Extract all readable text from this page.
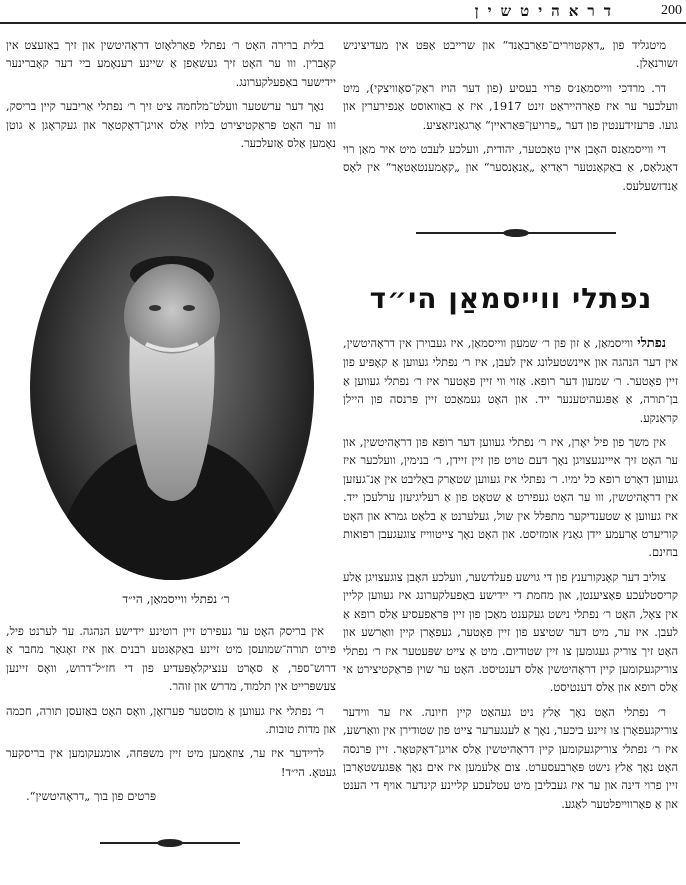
דראהיטשין	200

מיטגליד פון „דאַקטוירים־פאַרבאַנד“ און שרייבט אַפּט אין מעדיציניש זשורנאַלן.

דר. מרדכי ווייסמאַנ׳ס פרוי בעסיע (פון דער הויז ראַק־סאָוויצקי), מיט וועלכער ער איז פאַרהייראַט זינט 1917, איז אַ באַוואוסט אַנפירערין און גועו. פּרעזידענטין פון דער „פּרויען־פּאַראיין“ אָרגאַניזאַציע.

די ווייסמאַנס האָבן איין טאָכטער, יהודית, וועלכע לעבט מיט איר מאַן רוי דאָגלאַס, אַ באַקאַנטער ראַדיאָ „אַנאַנסער“ און „קאָמענטאַטאָר“ אין לאָס אַנדזשעלעס.

נפתלי ווייסמאַן הי״ד

נפתלי ווייסמאַן, אַ זון פון ר׳ שמעון ווייסמאַן, איז געבוירן אין דראָהיטשין, אין דער הנהגה און אײנשטעלונג אין לעבן, איז ר׳ נפתלי געווען אַ קאָפּיע פון זיין פאָטער. ר׳ שמעון דער רופא. אַזוי ווי זיין פאָטער איז ר׳ נפתלי געווען אַ בן־תורה, אַ אַפּגעהיטענער ייד. און האָט געמאַכט זיין פּרנסה פון היילן קראַנקע.

אין משך פון פיל יאָרן, איז ר׳ נפתלי געווען דער רופא פון דראָהיטשין, און ער האָט זיך אײינגעצויגן נאָך דעם טויט פון זיין זיידן, ר׳ בנימין, וועלכער איז געווען דאָרט רופא כל ימיו. ר׳ נפתלי איז געווען שטאַרק באַליבט אין אַנ־געזען אין דראָהיטשין, ווו ער האָט געפירט אַ שטאָט פון אַ רעליגיעזן ערלעכן ייד. איז געווען אַ שטענדיקער מתפּלל אין שול, געלערנט אַ בלאַט גמרא און האָט קוריערט אָרעמע יידן גאַנץ אומזיסט. און האָט נאָך צייטווייז צוגעגעבן רפואות בחינם.

צוליב דער קאָנקורענץ פון די גוישע פעלדשער, וועלכע האָבן צוגעצויגן אַלע קריסטלעכע פּאַציענטן, און מחמת די יידישע באַפעלקערונג איז געווען קליין אין צאָל, האָט ר׳ נפתלי נישט געקענט מאַכן פון זיין פּראַפעסיע אַלס רופא אַ לעבן. איז ער, מיט דער שטיצע פון זיין פאָטער, געפאָרן קיין וואַרשע און האָט זיך צוריק געגומען צו זיין שטודיום. מיט אַ צייט שפּעטער איז ר׳ נפתלי צוריקגעקומען קיין דראָהיטשין אַלס דענטיסט. האָט ער שוין פּראַקטיצירט אי אַלס רופא און אַלס דענטיסט.

ר׳ נפתלי האָט נאָך אַלץ ניט געהאַט קיין חיונה. איז ער ווידער צוריקגעפאָרן צו זיינע ביכער, נאָך אַ לענגערער צייט פון שטודירן אין וואַרשע, איז ר׳ נפתלי צוריקגעקומען קיין דראָהיטשין אַלס אויגן־דאָקטאָר. זיין פּרנסה האָט נאָך אַלץ נישט פּאַרבעסערט. צום אַלעמען איז אים נאָך אַפּגעשטאָרבן זיין פרוי דינה און ער איז געבליבן מיט עטלעכע קליינע קינדער אויף די הענט און אַ פאַרווייפלטער לאַגע.

בלית ברירה האָט ר׳ נפתלי פאַרלאָזט דראָהיטשין און זיך באַזעצט אין קאָברין. ווו ער האָט זיך געשאַפן אַ שיינע רענאָמע ביי דער קאָברינער יידישער באַפעלקערונג.

נאָך דער ערשטער וועלט־מלחמה ציט זיך ר׳ נפתלי אַריבער קיין בריסק, ווו ער האָט פּראַקטיצירט בלויז אַלס אויגן־דאָקטאָר און געקראָגן אַ גוטן נאָמען אַלס אַזעלכער.

ר׳ נפתלי ווייסמאַן, הי״ד

אין בריסק האָט ער געפירט זיין רוטינע יידישע הנהגה. ער לערנט פיל, פירט תורה־שמועסן מיט זיינע באַקאַנטע רבנים און איז זאָגאַר מחבר אַ דרוש־ספר, אַ סאָרט ענציקלאָפּעדיע פון די חז״ל־דרוש, וואָס זיינען צעשפּרייט אין תלמוד, מדרש און זוהר.

ר׳ נפתלי איז געווען אַ מוסטער פערזאָן, וואָס האָט באַזעסן תורה, חכמה און מדות טובות.

לריידער איז ער, צוזאַמען מיט זיין משפּחה, אומגעקומען אין בריסקער געטאָ. הי״ד!

פּרטים פון בוך „דראָהיטשין“.
